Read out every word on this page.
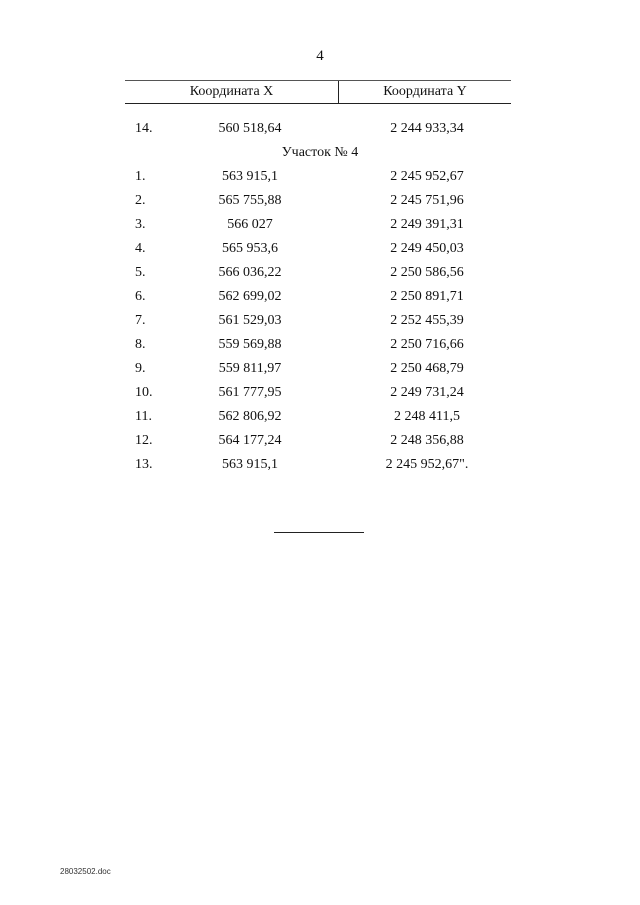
4
Координата X	Координата Y
14.	560 518,64	2 244 933,34
Участок № 4
1.	563 915,1	2 245 952,67
2.	565 755,88	2 245 751,96
3.	566 027	2 249 391,31
4.	565 953,6	2 249 450,03
5.	566 036,22	2 250 586,56
6.	562 699,02	2 250 891,71
7.	561 529,03	2 252 455,39
8.	559 569,88	2 250 716,66
9.	559 811,97	2 250 468,79
10.	561 777,95	2 249 731,24
11.	562 806,92	2 248 411,5
12.	564 177,24	2 248 356,88
13.	563 915,1	2 245 952,67".
28032502.doc
